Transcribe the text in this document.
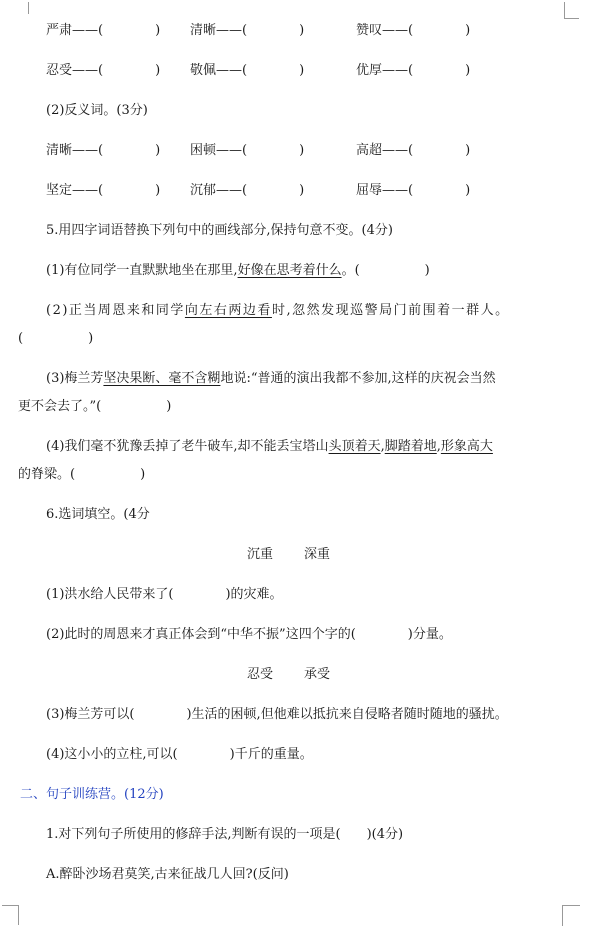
严肃——(　　　　) 清晰——(　　　　)	赞叹——(　　　　)
忍受——(　　　　) 敬佩——(　　　　)	优厚——(　　　　)
(2)反义词。(3分)
清晰——(　　　　) 困顿——(　　　　)	高超——(　　　　)
坚定——(　　　　) 沉郁——(　　　　)	屈辱——(　　　　)
5.用四字词语替换下列句中的画线部分,保持句意不变。(4分)
(1)有位同学一直默默地坐在那里,好像在思考着什么。(　　　　　)
(2)正当周恩来和同学向左右两边看时,忽然发现巡警局门前围着一群人。
(　　　　　)
(3)梅兰芳坚决果断、毫不含糊地说:“普通的演出我都不参加,这样的庆祝会当然
更不会去了。”(　　　　　)
(4)我们毫不犹豫丢掉了老牛破车,却不能丢宝塔山头顶着天,脚踏着地,形象高大
的脊梁。(　　　　　)
6.选词填空。(4分
沉重 深重
(1)洪水给人民带来了(　　　　)的灾难。
(2)此时的周恩来才真正体会到“中华不振”这四个字的(　　　　)分量。
忍受 承受
(3)梅兰芳可以(　　　　)生活的困顿,但他难以抵抗来自侵略者随时随地的骚扰。
(4)这小小的立柱,可以(　　　　)千斤的重量。
二、句子训练营。(12分)
1.对下列句子所使用的修辞手法,判断有误的一项是(　　)(4分)
A.醉卧沙场君莫笑,古来征战几人回?(反问)
